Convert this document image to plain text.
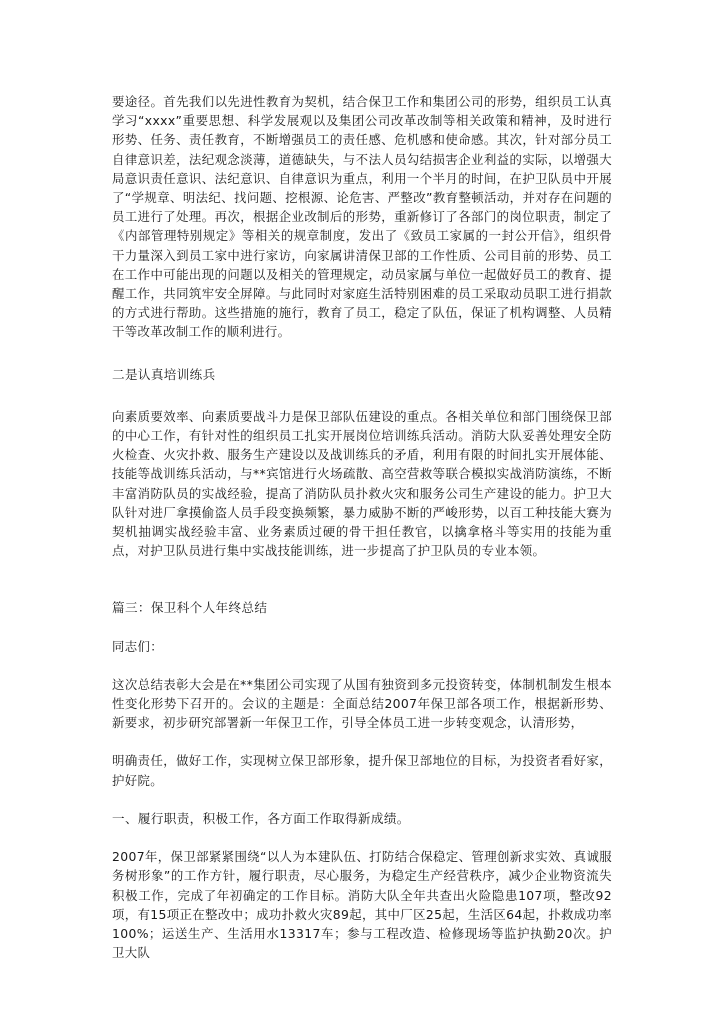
要途径。首先我们以先进性教育为契机，结合保卫工作和集团公司的形势，组织员工认真学习“xxxx”重要思想、科学发展观以及集团公司改革改制等相关政策和精神，及时进行形势、任务、责任教育，不断增强员工的责任感、危机感和使命感。其次，针对部分员工自律意识差，法纪观念淡薄，道德缺失，与不法人员勾结损害企业利益的实际，以增强大局意识责任意识、法纪意识、自律意识为重点，利用一个半月的时间，在护卫队员中开展了“学规章、明法纪、找问题、挖根源、论危害、严整改”教育整顿活动，并对存在问题的员工进行了处理。再次，根据企业改制后的形势，重新修订了各部门的岗位职责，制定了《内部管理特别规定》等相关的规章制度，发出了《致员工家属的一封公开信》，组织骨干力量深入到员工家中进行家访，向家属讲清保卫部的工作性质、公司目前的形势、员工在工作中可能出现的问题以及相关的管理规定，动员家属与单位一起做好员工的教育、提醒工作，共同筑牢安全屏障。与此同时对家庭生活特别困难的员工采取动员职工进行捐款的方式进行帮助。这些措施的施行，教育了员工，稳定了队伍，保证了机构调整、人员精干等改革改制工作的顺利进行。

二是认真培训练兵

向素质要效率、向素质要战斗力是保卫部队伍建设的重点。各相关单位和部门围绕保卫部的中心工作，有针对性的组织员工扎实开展岗位培训练兵活动。消防大队妥善处理安全防火检查、火灾扑救、服务生产建设以及战训练兵的矛盾，利用有限的时间扎实开展体能、技能等战训练兵活动，与**宾馆进行火场疏散、高空营救等联合模拟实战消防演练，不断丰富消防队员的实战经验，提高了消防队员扑救火灾和服务公司生产建设的能力。护卫大队针对进厂拿摸偷盗人员手段变换频繁，暴力威胁不断的严峻形势，以百工种技能大赛为契机抽调实战经验丰富、业务素质过硬的骨干担任教官，以擒拿格斗等实用的技能为重点，对护卫队员进行集中实战技能训练，进一步提高了护卫队员的专业本领。

篇三：保卫科个人年终总结

同志们：

这次总结表彰大会是在**集团公司实现了从国有独资到多元投资转变，体制机制发生根本性变化形势下召开的。会议的主题是：全面总结2007年保卫部各项工作，根据新形势、新要求，初步研究部署新一年保卫工作，引导全体员工进一步转变观念，认清形势，

明确责任，做好工作，实现树立保卫部形象，提升保卫部地位的目标，为投资者看好家，护好院。

一、履行职责，积极工作，各方面工作取得新成绩。

2007年，保卫部紧紧围绕“以人为本建队伍、打防结合保稳定、管理创新求实效、真诚服务树形象”的工作方针，履行职责，尽心服务，为稳定生产经营秩序，减少企业物资流失积极工作，完成了年初确定的工作目标。消防大队全年共查出火险隐患107项，整改92项，有15项正在整改中；成功扑救火灾89起，其中厂区25起，生活区64起，扑救成功率100%；运送生产、生活用水13317车；参与工程改造、检修现场等监护执勤20次。护卫大队
